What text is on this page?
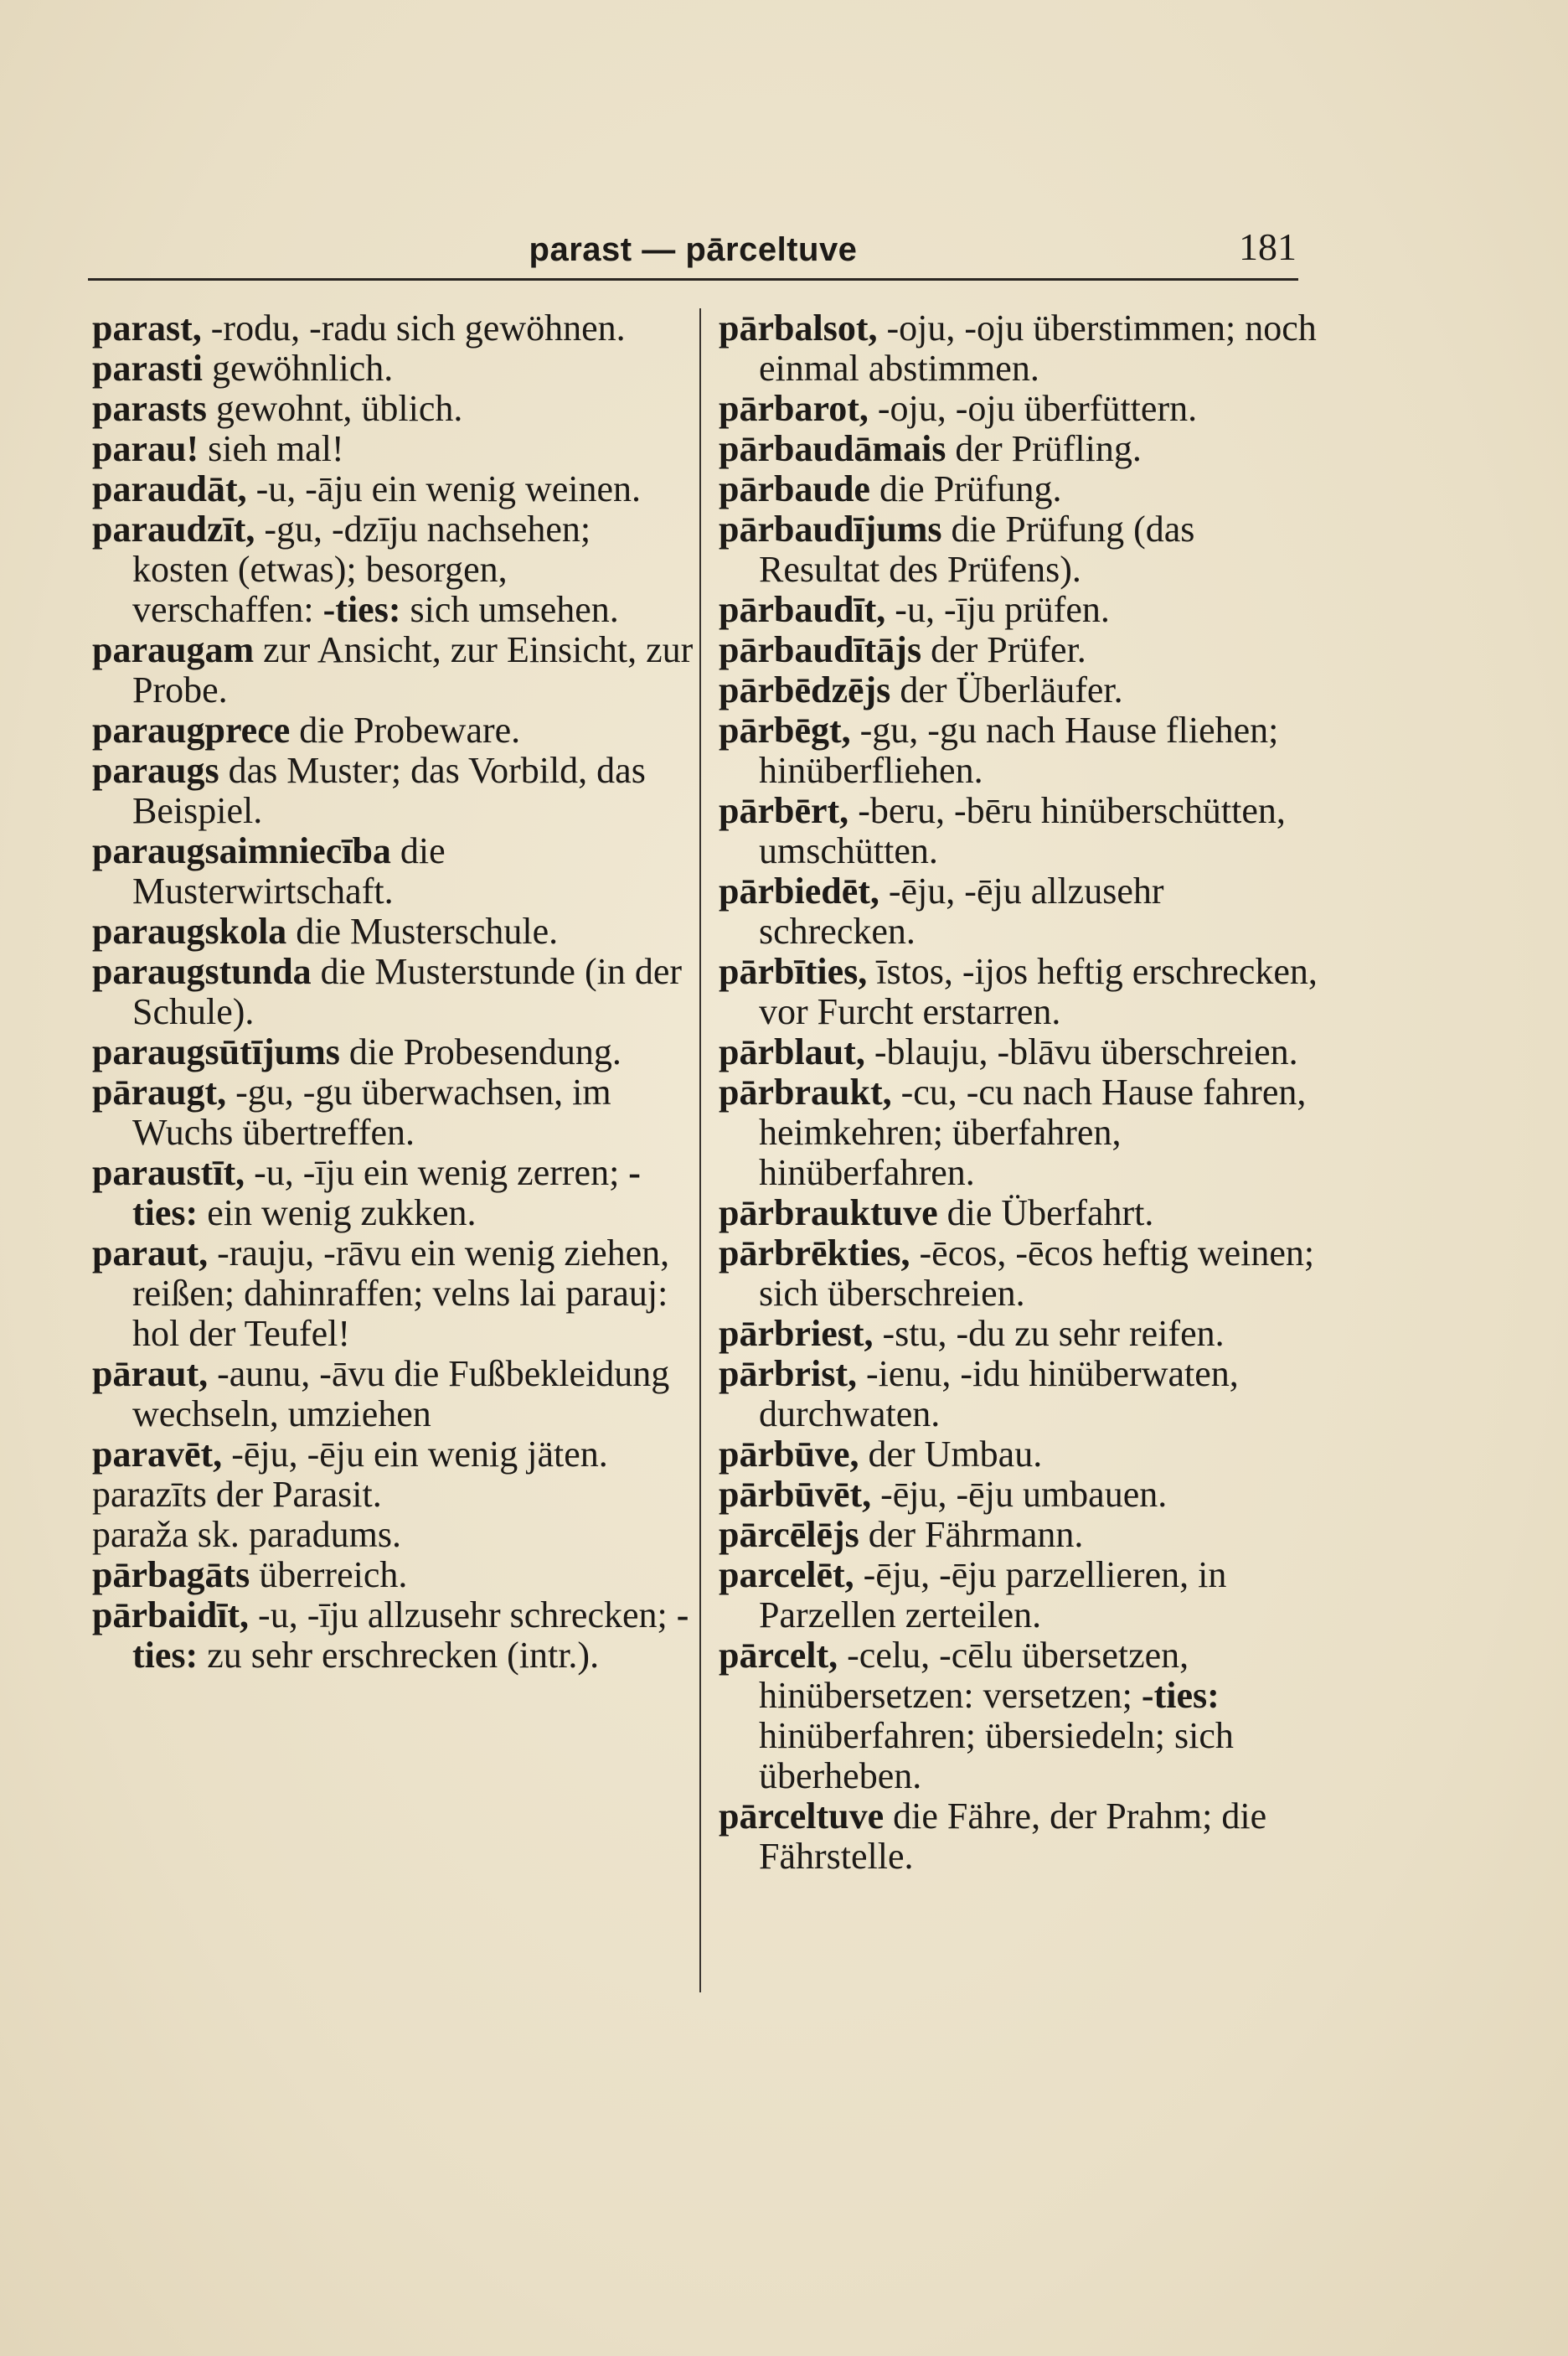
parast — pārceltuve	181

parast, -rodu, -radu sich gewöhnen.

parasti gewöhnlich.

parasts gewohnt, üblich.

parau! sieh mal!

paraudāt, -u, -āju ein wenig weinen.

paraudzīt, -gu, -dzīju nachsehen; kosten (etwas); besorgen, verschaffen: -ties: sich umsehen.

paraugam zur Ansicht, zur Einsicht, zur Probe.

paraugprece die Probeware.

paraugs das Muster; das Vorbild, das Beispiel.

paraugsaimniecība die Musterwirtschaft.

paraugskola die Musterschule.

paraugstunda die Musterstunde (in der Schule).

paraugsūtījums die Probesendung.

pāraugt, -gu, -gu überwachsen, im Wuchs übertreffen.

paraustīt, -u, -īju ein wenig zerren; -ties: ein wenig zukken.

paraut, -rauju, -rāvu ein wenig ziehen, reißen; dahinraffen; velns lai parauj: hol der Teufel!

pāraut, -aunu, -āvu die Fußbekleidung wechseln, umziehen

paravēt, -ēju, -ēju ein wenig jäten.

parazīts der Parasit.

paraža sk. paradums.

pārbagāts überreich.

pārbaidīt, -u, -īju allzusehr schrecken; -ties: zu sehr erschrecken (intr.).

pārbalsot, -oju, -oju überstimmen; noch einmal abstimmen.

pārbarot, -oju, -oju überfüttern.

pārbaudāmais der Prüfling.

pārbaude die Prüfung.

pārbaudījums die Prüfung (das Resultat des Prüfens).

pārbaudīt, -u, -īju prüfen.

pārbaudītājs der Prüfer.

pārbēdzējs der Überläufer.

pārbēgt, -gu, -gu nach Hause fliehen; hinüberfliehen.

pārbērt, -beru, -bēru hinüberschütten, umschütten.

pārbiedēt, -ēju, -ēju allzusehr schrecken.

pārbīties, īstos, -ijos heftig erschrecken, vor Furcht erstarren.

pārblaut, -blauju, -blāvu überschreien.

pārbraukt, -cu, -cu nach Hause fahren, heimkehren; überfahren, hinüberfahren.

pārbrauktuve die Überfahrt.

pārbrēkties, -ēcos, -ēcos heftig weinen; sich überschreien.

pārbriest, -stu, -du zu sehr reifen.

pārbrist, -ienu, -idu hinüberwaten, durchwaten.

pārbūve, der Umbau.

pārbūvēt, -ēju, -ēju umbauen.

pārcēlējs der Fährmann.

parcelēt, -ēju, -ēju parzellieren, in Parzellen zerteilen.

pārcelt, -celu, -cēlu übersetzen, hinübersetzen: versetzen; -ties: hinüberfahren; übersiedeln; sich überheben.

pārceltuve die Fähre, der Prahm; die Fährstelle.
